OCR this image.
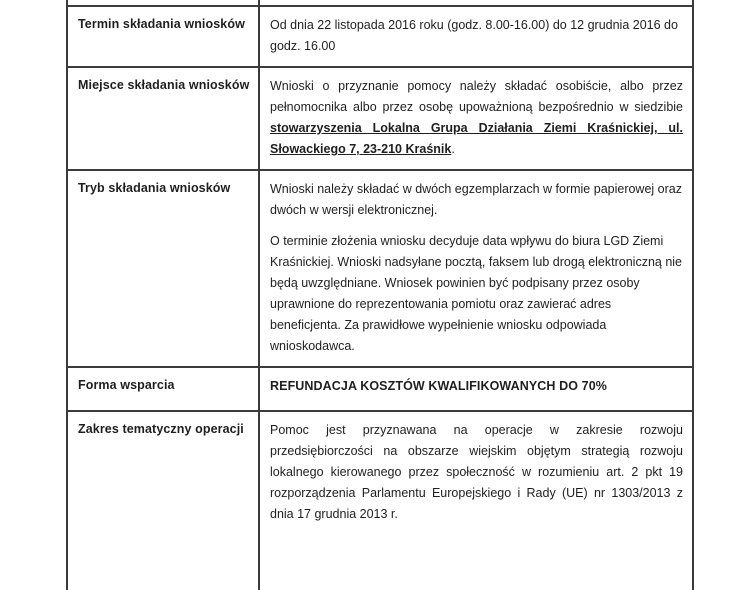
Termin składania wniosków	Od dnia 22 listopada 2016 roku (godz. 8.00-16.00) do 12 grudnia 2016 do godz. 16.00

Miejsce składania wniosków	Wnioski o przyznanie pomocy należy składać osobiście, albo przez pełnomocnika albo przez osobę upoważnioną bezpośrednio w siedzibie stowarzyszenia Lokalna Grupa Działania Ziemi Kraśnickiej, ul. Słowackiego 7, 23-210 Kraśnik.

Tryb składania wniosków	Wnioski należy składać w dwóch egzemplarzach w formie papierowej oraz dwóch w wersji elektronicznej.

O terminie złożenia wniosku decyduje data wpływu do biura LGD Ziemi Kraśnickiej. Wnioski nadsyłane pocztą, faksem lub drogą elektroniczną nie będą uwzględniane. Wniosek powinien być podpisany przez osoby uprawnione do reprezentowania pomiotu oraz zawierać adres beneficjenta. Za prawidłowe wypełnienie wniosku odpowiada wnioskodawca.

Forma wsparcia	REFUNDACJA KOSZTÓW KWALIFIKOWANYCH DO 70%

Zakres tematyczny operacji	Pomoc jest przyznawana na operacje w zakresie rozwoju przedsiębiorczości na obszarze wiejskim objętym strategią rozwoju lokalnego kierowanego przez społeczność w rozumieniu art. 2 pkt 19 rozporządzenia Parlamentu Europejskiego i Rady (UE) nr 1303/2013 z dnia 17 grudnia 2013 r.
